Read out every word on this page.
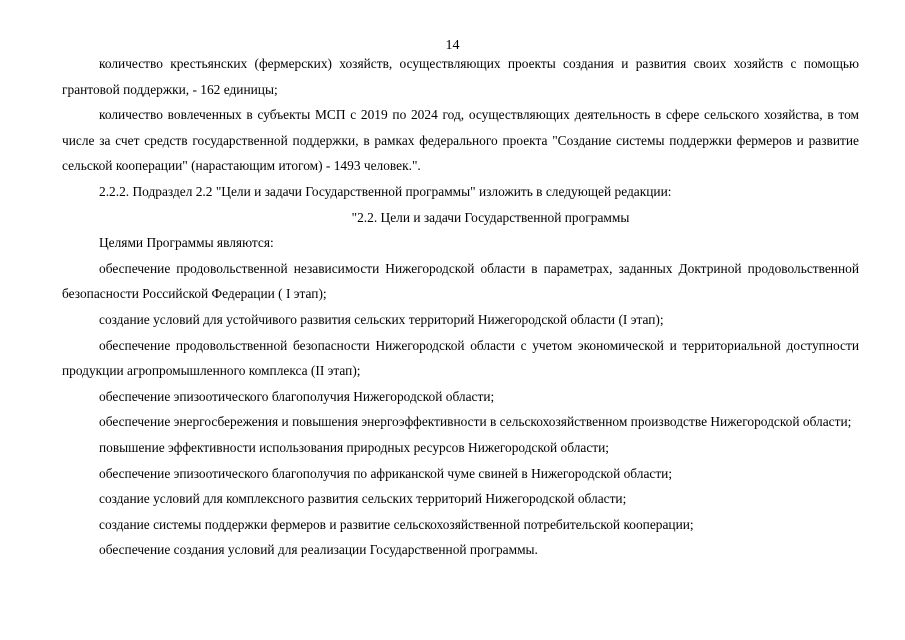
14

количество крестьянских (фермерских) хозяйств, осуществляющих проекты создания и развития своих хозяйств с помощью грантовой поддержки, - 162 единицы;

количество вовлеченных в субъекты МСП с 2019 по 2024 год, осуществляющих деятельность в сфере сельского хозяйства, в том числе за счет средств государственной поддержки, в рамках федерального проекта "Создание системы поддержки фермеров и развитие сельской кооперации" (нарастающим итогом) - 1493 человек.".

2.2.2. Подраздел 2.2 "Цели и задачи Государственной программы" изложить в следующей редакции:

"2.2. Цели и задачи Государственной программы

Целями Программы являются:

обеспечение продовольственной независимости Нижегородской области в параметрах, заданных Доктриной продовольственной безопасности Российской Федерации ( I этап);

создание условий для устойчивого развития сельских территорий Нижегородской области (I этап);

обеспечение продовольственной безопасности Нижегородской области с учетом экономической и территориальной доступности продукции агропромышленного комплекса (II этап);

обеспечение эпизоотического благополучия Нижегородской области;

обеспечение энергосбережения и повышения энергоэффективности в сельскохозяйственном производстве Нижегородской области;

повышение эффективности использования природных ресурсов Нижегородской области;

обеспечение эпизоотического благополучия по африканской чуме свиней в Нижегородской области;

создание условий для комплексного развития сельских территорий Нижегородской области;

создание системы поддержки фермеров и развитие сельскохозяйственной потребительской кооперации;

обеспечение создания условий для реализации Государственной программы.
